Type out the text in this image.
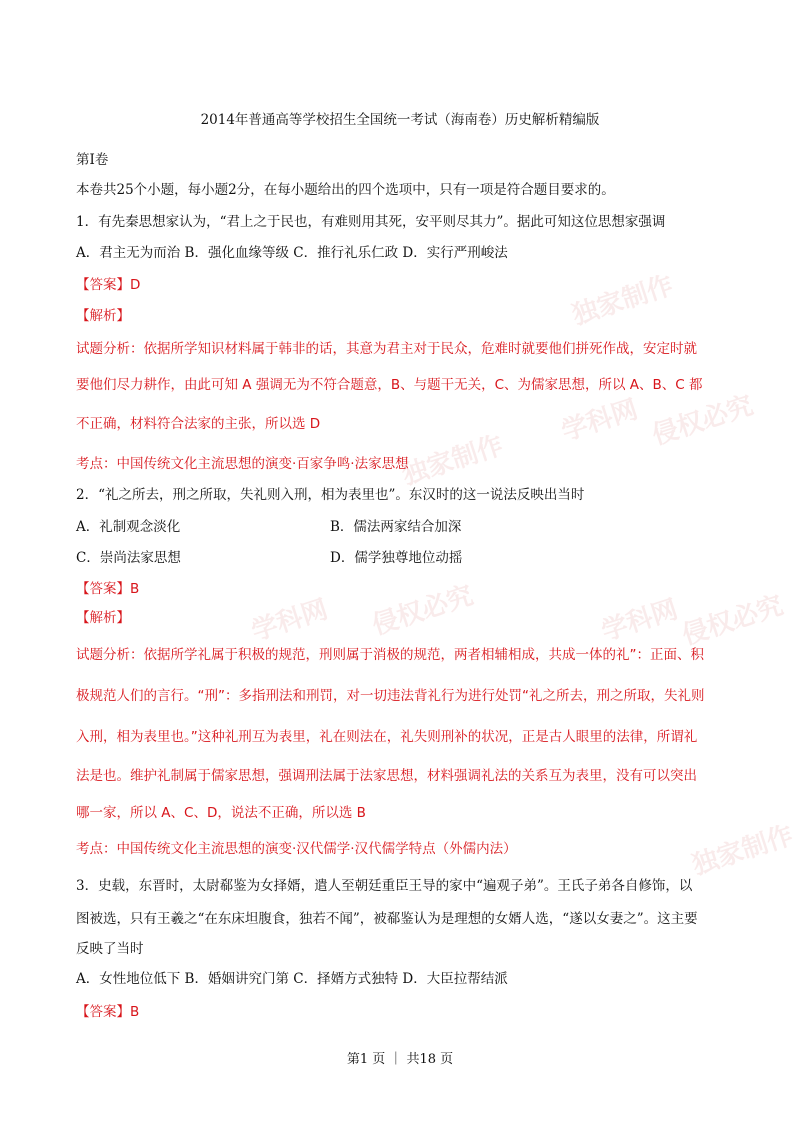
独家制作
学科网 侵权必究
独家制作
学科网 侵权必究	学科网
侵权必究
独家制作
2014年普通高等学校招生全国统一考试（海南卷）历史解析精编版
第Ⅰ卷
本卷共25个小题，每小题2分，在每小题给出的四个选项中，只有一项是符合题目要求的。
1．有先秦思想家认为，“君上之于民也，有难则用其死，安平则尽其力”。据此可知这位思想家强调
A．君主无为而治 B．强化血缘等级 C．推行礼乐仁政 D．实行严刑峻法
【答案】D
【解析】
试题分析：依据所学知识材料属于韩非的话，其意为君主对于民众，危难时就要他们拼死作战，安定时就
要他们尽力耕作，由此可知 A 强调无为不符合题意，B、与题干无关，C、为儒家思想，所以 A、B、C 都
不正确，材料符合法家的主张，所以选 D
考点：中国传统文化主流思想的演变·百家争鸣·法家思想
2．“礼之所去，刑之所取，失礼则入刑，相为表里也”。东汉时的这一说法反映出当时
A．礼制观念淡化	B．儒法两家结合加深
C．崇尚法家思想	D．儒学独尊地位动摇
【答案】B
【解析】
试题分析：依据所学礼属于积极的规范，刑则属于消极的规范，两者相辅相成，共成一体的礼”：正面、积
极规范人们的言行。“刑”：多指刑法和刑罚，对一切违法背礼行为进行处罚“礼之所去，刑之所取，失礼则
入刑，相为表里也。”这种礼刑互为表里，礼在则法在，礼失则刑补的状况，正是古人眼里的法律，所谓礼
法是也。维护礼制属于儒家思想，强调刑法属于法家思想，材料强调礼法的关系互为表里，没有可以突出
哪一家，所以 A、C、D，说法不正确，所以选 B
考点：中国传统文化主流思想的演变·汉代儒学·汉代儒学特点（外儒内法）
3．史载，东晋时，太尉郗鉴为女择婿，遣人至朝廷重臣王导的家中“遍观子弟”。王氏子弟各自修饰，以
图被选，只有王羲之“在东床坦腹食，独若不闻”，被郗鉴认为是理想的女婿人选，“遂以女妻之”。这主要
反映了当时
A．女性地位低下 B．婚姻讲究门第 C．择婿方式独特 D．大臣拉帮结派
【答案】B
第1 页 ｜ 共18 页
